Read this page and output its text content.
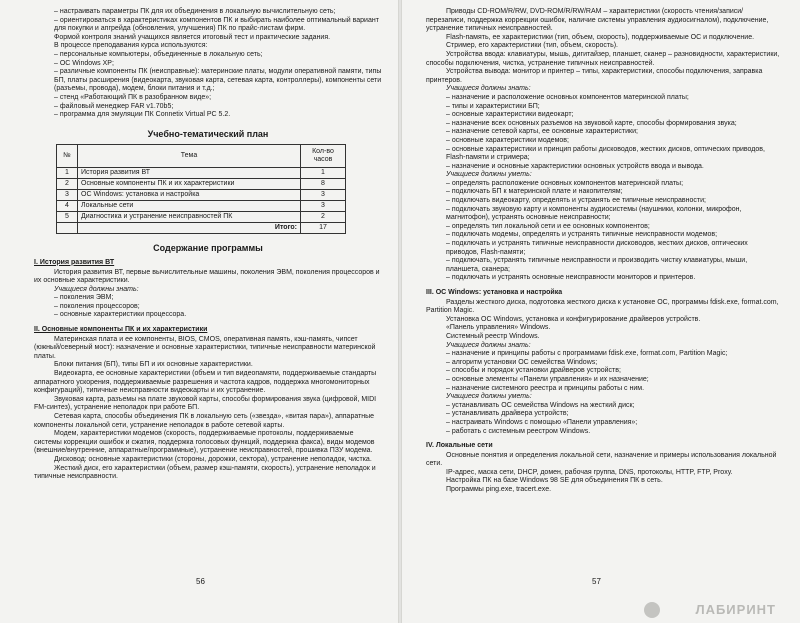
– настраивать параметры ПК для их объединения в локальную вычислительную сеть;

– ориентироваться в характеристиках компонентов ПК и выбирать наиболее оптимальный вариант для покупки и апгрейда (обновления, улучшения) ПК по прайс-листам фирм.

Формой контроля знаний учащихся является итоговый тест и практические задания.

В процессе преподавания курса используются:

– персональные компьютеры, объединенные в локальную сеть;

– ОС Windows XP;

– различные компоненты ПК (неисправные): материнские платы, модули оперативной памяти, типы БП, платы расширения (видеокарта, звуковая карта, сетевая карта, контроллеры), компоненты сети (разъемы, провода), модем, блоки питания и т.д.;

– стенд «Работающий ПК в разобранном виде»;

– файловый менеджер FAR v1.70b5;

– программа для эмуляции ПК Connetix Virtual PC 5.2.

Учебно-тематический план
№	Тема	Кол-во часов
1	История развития ВТ	1
2	Основные компоненты ПК и их характеристики	8
3	ОС Windows: установка и настройка	3
4	Локальные сети	3
5	Диагностика и устранение неисправностей ПК	2
	Итого:	17
Содержание программы
I. История развития ВТ

История развития ВТ, первые вычислительные машины, поколения ЭВМ, поколения процессоров и их основные характеристики.

Учащиеся должны знать:

– поколения ЭВМ;

– поколения процессоров;

– основные характеристики процессора.

II. Основные компоненты ПК и их характеристики

Материнская плата и ее компоненты, BIOS, CMOS, оперативная память, кэш-память, чипсет (южный/северный мост): назначение и основные характеристики, типичные неисправности материнской платы.

Блоки питания (БП), типы БП и их основные характеристики.

Видеокарта, ее основные характеристики (объем и тип видеопамяти, поддерживаемые стандарты аппаратного ускорения, поддерживаемые разрешения и частота кадров, поддержка многомониторных конфигураций), типичные неисправности видеокарты и их устранение.

Звуковая карта, разъемы на плате звуковой карты, способы формирования звука (цифровой, MIDI FM-синтез), устранение неполадок при работе БП.

Сетевая карта, способы объединения ПК в локальную сеть («звезда», «витая пара»), аппаратные компоненты локальной сети, устранение неполадок в работе сетевой карты.

Модем, характеристики модемов (скорость, поддерживаемые протоколы, поддерживаемые системы коррекции ошибок и сжатия, поддержка голосовых функций, поддержка факса), виды модемов (внешние/внутренние, аппаратные/программные), устранение неисправностей, прошивка ПЗУ модема.

Дисковод: основные характеристики (стороны, дорожки, сектора), устранение неполадок, чистка.

Жесткий диск, его характеристики (объем, размер кэш-памяти, скорость), устранение неполадок и типичные неисправности.

56

Приводы CD-ROM/R/RW, DVD-ROM/R/RW/RAM – характеристики (скорость чтения/записи/перезаписи, поддержка коррекции ошибок, наличие системы управления аудиосигналом), подключение, устранение типичных неисправностей.

Flash-память, ее характеристики (тип, объем, скорость), поддерживаемые ОС и подключение.

Стример, его характеристики (тип, объем, скорость).

Устройства ввода: клавиатуры, мышь, дигитайзер, планшет, сканер – разновидности, характеристики, способы подключения, чистка, устранение типичных неисправностей.

Устройства вывода: монитор и принтер – типы, характеристики, способы подключения, заправка принтеров.

Учащиеся должны знать:

– назначение и расположение основных компонентов материнской платы;

– типы и характеристики БП;

– основные характеристики видеокарт;

– назначение всех основных разъемов на звуковой карте, способы формирования звука;

– назначение сетевой карты, ее основные характеристики;

– основные характеристики модемов;

– основные характеристики и принцип работы дисководов, жестких дисков, оптических приводов, Flash-памяти и стримера;

– назначение и основные характеристики основных устройств ввода и вывода.

Учащиеся должны уметь:

– определять расположение основных компонентов материнской платы;

– подключать БП к материнской плате и накопителям;

– подключать видеокарту, определять и устранять ее типичные неисправности;

– подключать звуковую карту и компоненты аудиосистемы (наушники, колонки, микрофон, магнитофон), устранять основные неисправности;

– определять тип локальной сети и ее основных компонентов;

– подключать модемы, определять и устранять типичные неисправности модемов;

– подключать и устранять типичные неисправности дисководов, жестких дисков, оптических приводов, Flash-памяти;

– подключать, устранять типичные неисправности и производить чистку клавиатуры, мыши, планшета, сканера;

– подключать и устранять основные неисправности мониторов и принтеров.

III. ОС Windows: установка и настройка

Разделы жесткого диска, подготовка жесткого диска к установке ОС, программы fdisk.exe, format.com, Partition Magic.

Установка ОС Windows, установка и конфигурирование драйверов устройств.

«Панель управления» Windows.

Системный реестр Windows.

Учащиеся должны знать:

– назначение и принципы работы с программами fdisk.exe, format.com, Partition Magic;

– алгоритм установки ОС семейства Windows;

– способы и порядок установки драйверов устройств;

– основные элементы «Панели управления» и их назначение;

– назначение системного реестра и принципы работы с ним.

Учащиеся должны уметь:

– устанавливать ОС семейства Windows на жесткий диск;

– устанавливать драйвера устройств;

– настраивать Windows с помощью «Панели управления»;

– работать с системным реестром Windows.

IV. Локальные сети

Основные понятия и определения локальной сети, назначение и примеры использования локальной сети.

IP-адрес, маска сети, DHCP, домен, рабочая группа, DNS, протоколы, HTTP, FTP, Proxy.

Настройка ПК на базе Windows 98 SE для объединения ПК в сеть.

Программы ping.exe, tracert.exe.

57
ЛАБИРИНТ
